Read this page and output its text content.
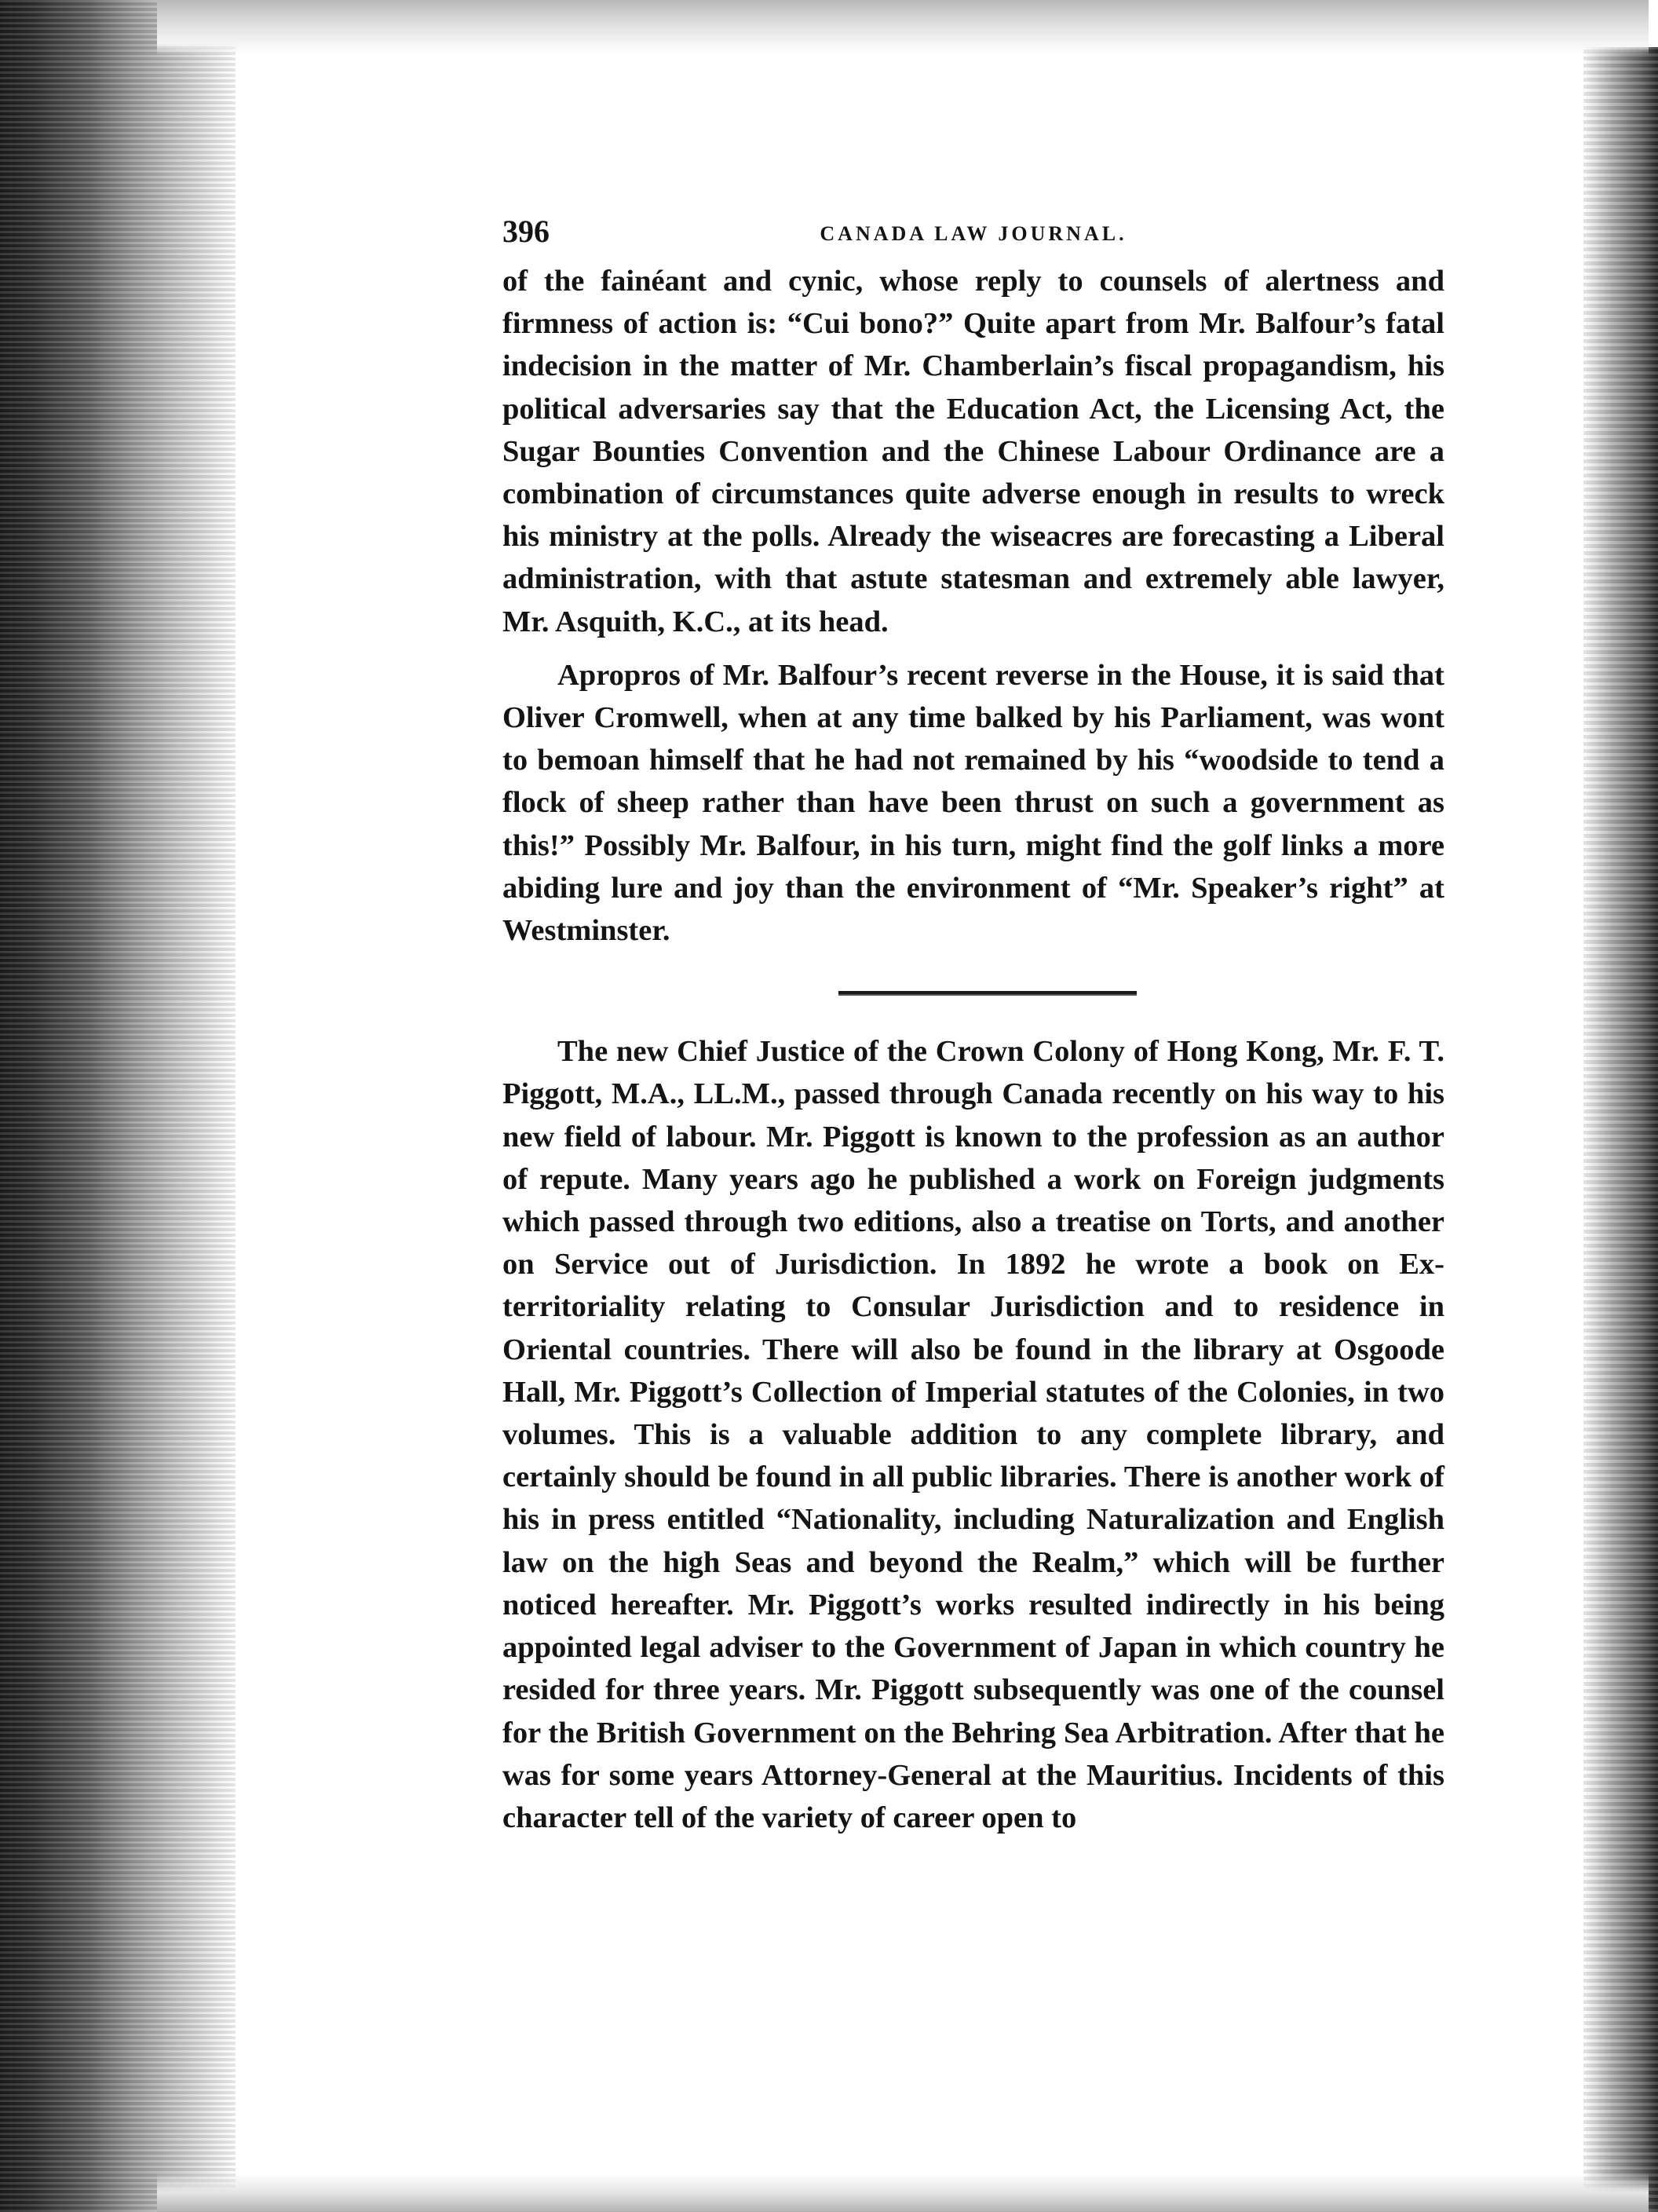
396	CANADA LAW JOURNAL.

of the fainéant and cynic, whose reply to counsels of alertness and firmness of action is: “Cui bono?” Quite apart from Mr. Balfour’s fatal indecision in the matter of Mr. Chamberlain’s fiscal propagandism, his political adversaries say that the Education Act, the Licensing Act, the Sugar Bounties Convention and the Chinese Labour Ordinance are a combination of circumstances quite adverse enough in results to wreck his ministry at the polls. Already the wiseacres are forecasting a Liberal administration, with that astute statesman and extremely able lawyer, Mr. Asquith, K.C., at its head.

Apropros of Mr. Balfour’s recent reverse in the House, it is said that Oliver Cromwell, when at any time balked by his Parliament, was wont to bemoan himself that he had not remained by his “woodside to tend a flock of sheep rather than have been thrust on such a government as this!” Possibly Mr. Balfour, in his turn, might find the golf links a more abiding lure and joy than the environment of “Mr. Speaker’s right” at Westminster.

The new Chief Justice of the Crown Colony of Hong Kong, Mr. F. T. Piggott, M.A., LL.M., passed through Canada recently on his way to his new field of labour. Mr. Piggott is known to the profession as an author of repute. Many years ago he published a work on Foreign judgments which passed through two editions, also a treatise on Torts, and another on Service out of Jurisdiction. In 1892 he wrote a book on Ex-territoriality relating to Consular Jurisdiction and to residence in Oriental countries. There will also be found in the library at Osgoode Hall, Mr. Piggott’s Collection of Imperial statutes of the Colonies, in two volumes. This is a valuable addition to any complete library, and certainly should be found in all public libraries. There is another work of his in press entitled “Nationality, including Naturalization and English law on the high Seas and beyond the Realm,” which will be further noticed hereafter. Mr. Piggott’s works resulted indirectly in his being appointed legal adviser to the Government of Japan in which country he resided for three years. Mr. Piggott subsequently was one of the counsel for the British Government on the Behring Sea Arbitration. After that he was for some years Attorney-General at the Mauritius. Incidents of this character tell of the variety of career open to
